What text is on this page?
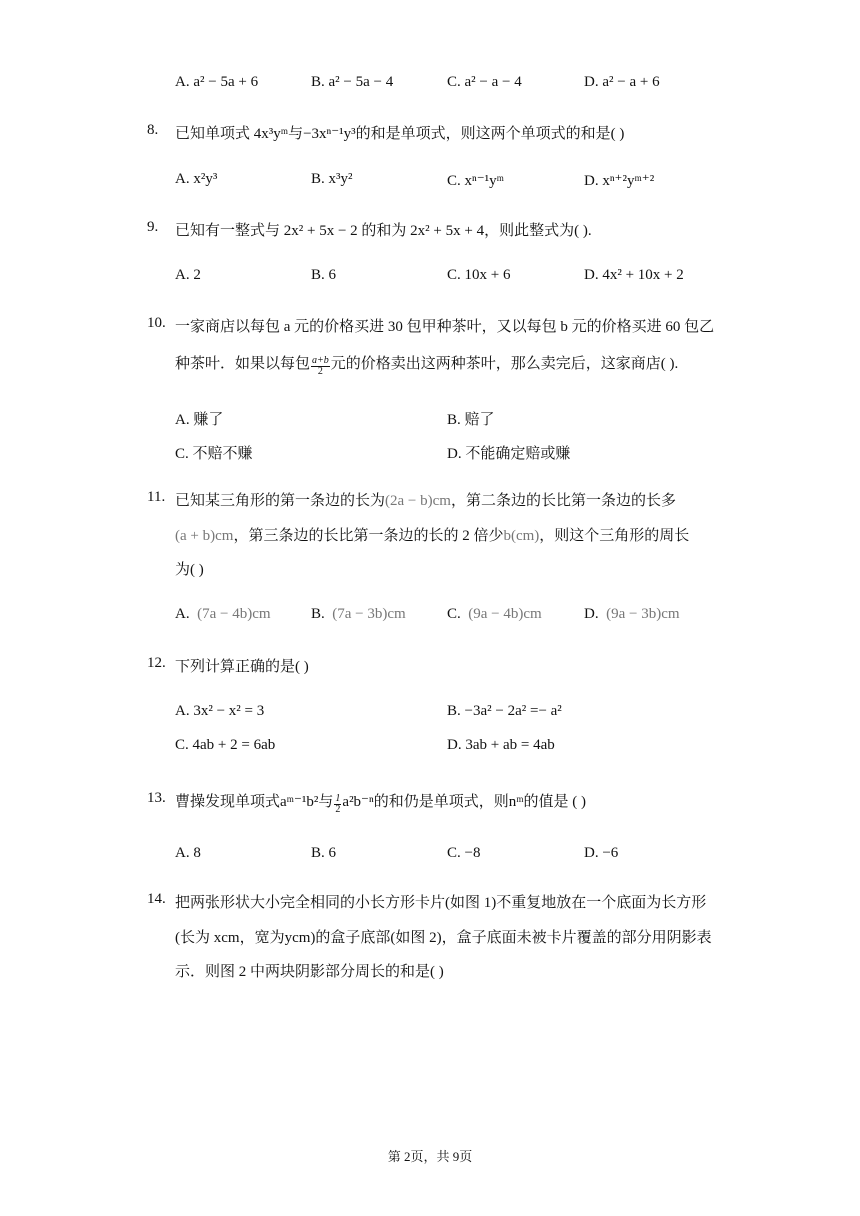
A. a² − 5a + 6	B. a² − 5a − 4	C. a² − a − 4	D. a² − a + 6
8. 已知单项式 4x³yᵐ与−3xⁿ⁻¹y³的和是单项式，则这两个单项式的和是( )
A. x²y³	B. x³y²	C. xⁿ⁻¹yᵐ	D. xⁿ⁺²yᵐ⁺²
9. 已知有一整式与 2x² + 5x − 2 的和为 2x² + 5x + 4，则此整式为( ).
A. 2	B. 6	C. 10x + 6	D. 4x² + 10x + 2
10. 一家商店以每包 a 元的价格买进 30 包甲种茶叶，又以每包 b 元的价格买进 60 包乙
种茶叶．如果以每包 $\frac{a+b}{2}$ 元的价格卖出这两种茶叶，那么卖完后，这家商店( ).
A. 赚了	B. 赔了
C. 不赔不赚	D. 不能确定赔或赚
11. 已知某三角形的第一条边的长为(2a − b)cm，第二条边的长比第一条边的长多
(a + b)cm，第三条边的长比第一条边的长的 2 倍少b(cm)，则这个三角形的周长
为( )
A. (7a − 4b)cm	B. (7a − 3b)cm	C. (9a − 4b)cm	D. (9a − 3b)cm
12. 下列计算正确的是( )
A. 3x² − x² = 3	B. −3a² − 2a² =− a²
C. 4ab + 2 = 6ab	D. 3ab + ab = 4ab
13. 曹操发现单项式aᵐ⁻¹b²与 $\frac{1}{2} a^2b^{-n}$的和仍是单项式，则nᵐ的值是 ( )
A. 8	B. 6	C. −8	D. −6
14. 把两张形状大小完全相同的小长方形卡片(如图 1)不重复地放在一个底面为长方形
(长为 xcm，宽为ycm)的盒子底部(如图 2)，盒子底面未被卡片覆盖的部分用阴影表
示．则图 2 中两块阴影部分周长的和是( )
第 2页，共 9页
